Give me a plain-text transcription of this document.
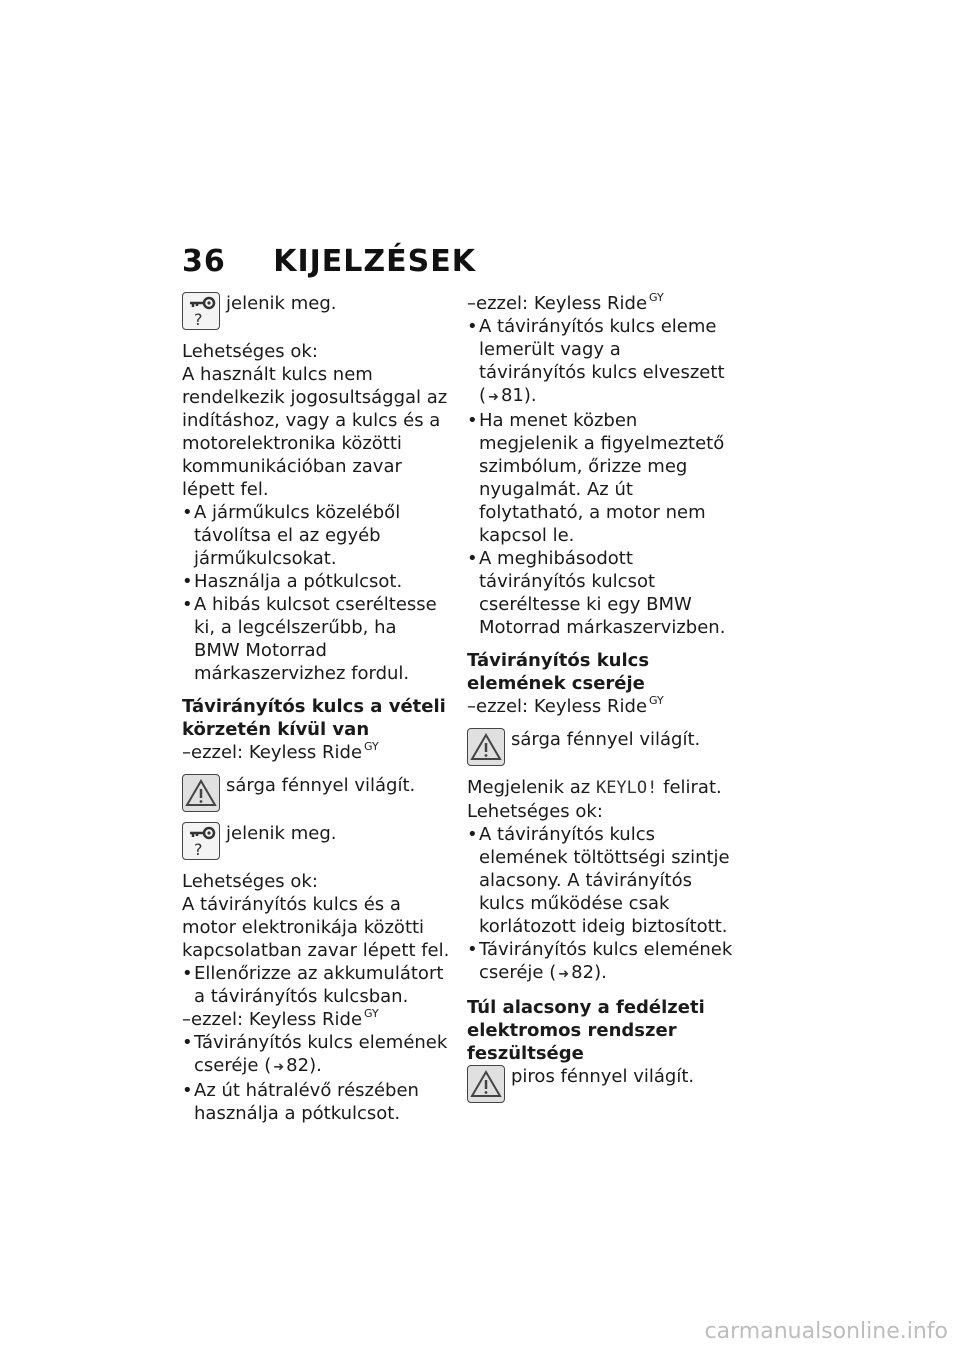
36 KIJELZÉSEK
?
jelenik meg.

Lehetséges ok:

A használt kulcs nem rendelkezik jogosultsággal az indításhoz, vagy a kulcs és a motorelektronika közötti kommunikációban zavar lépett fel.

• A járműkulcs közeléből távolítsa el az egyéb járműkulcsokat.

• Használja a pótkulcsot.

• A hibás kulcsot cseréltesse ki, a legcélszerűbb, ha
BMW Motorrad márkaszervizhez fordul.

Távirányítós kulcs a vételi körzetén kívül van

–ezzel: Keyless Ride $^{GY}$

sárga fénnyel világít.
?
jelenik meg.

Lehetséges ok:

A távirányítós kulcs és a motor elektronikája közötti kapcsolatban zavar lépett fel.

• Ellenőrizze az akkumulátort a távirányítós kulcsban.

–ezzel: Keyless Ride $^{GY}$

• Távirányítós kulcs elemének cseréje ( ➜ 82).

• Az út hátralévő részében használja a pótkulcsot.

–ezzel: Keyless Ride $^{GY}$

• A távirányítós kulcs eleme lemerült vagy a távirányítós kulcs elveszett ( ➜ 81).

• Ha menet közben megjelenik a figyelmeztető szimbólum, őrizze meg nyugalmát. Az út folytatható, a motor nem kapcsol le.

• A meghibásodott távirányítós kulcsot cseréltesse ki egy BMW Motorrad márkaszervizben.

Távirányítós kulcs elemének cseréje

–ezzel: Keyless Ride $^{GY}$

sárga fénnyel világít.

Megjelenik az KEYLO! felirat.

Lehetséges ok:

• A távirányítós kulcs elemének töltöttségi szintje alacsony. A távirányítós kulcs működése csak korlátozott ideig biztosított.

• Távirányítós kulcs elemének cseréje ( ➜ 82).

Túl alacsony a fedélzeti elektromos rendszer feszültsége

piros fénnyel világít.
carmanualsonline.info
